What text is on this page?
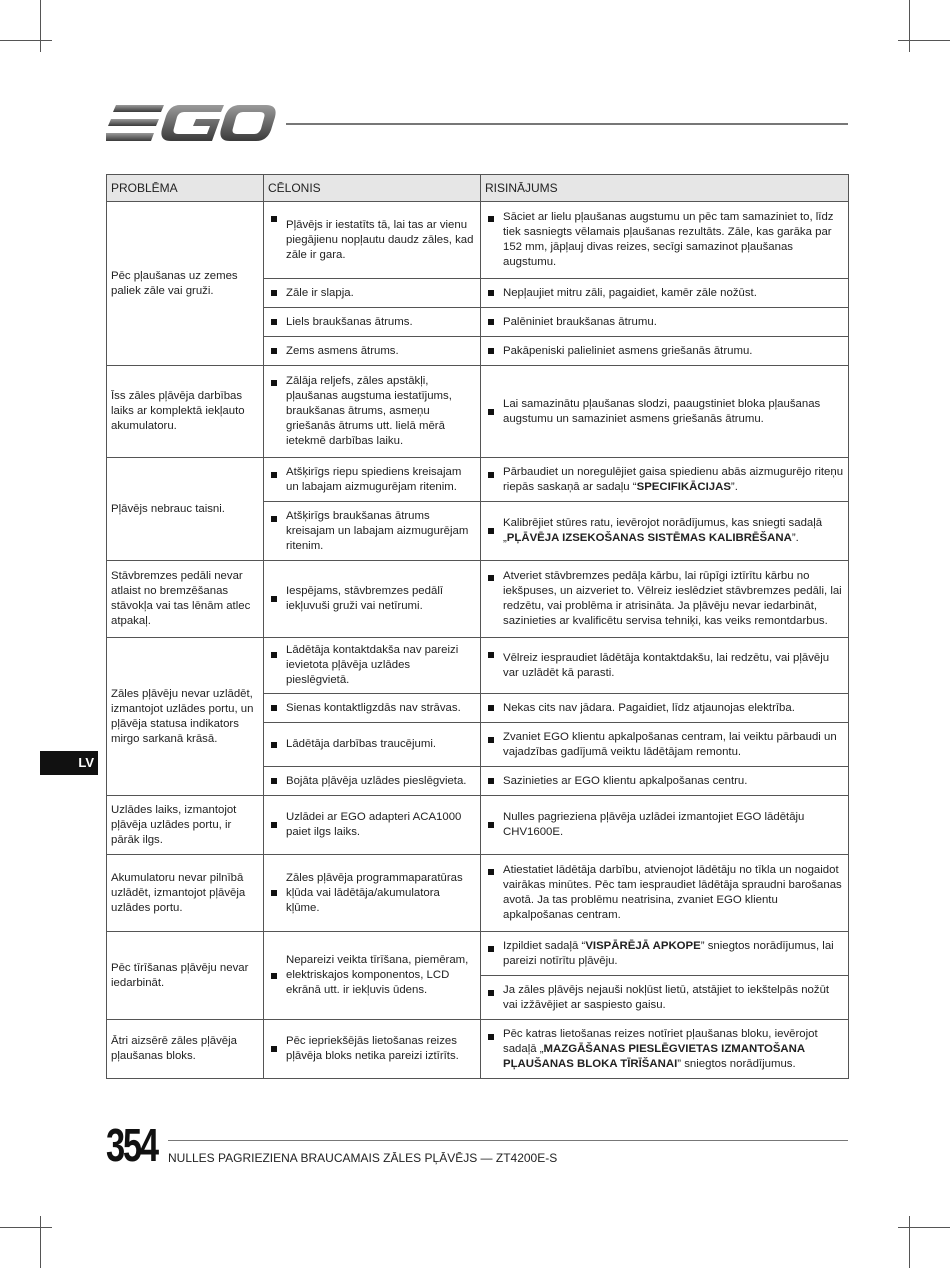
PROBLĒMA	CĒLONIS	RISINĀJUMS
Pēc pļaušanas uz zemes paliek zāle vai gruži.	Pļāvējs ir iestatīts tā, lai tas ar vienu piegājienu nopļautu daudz zāles, kad zāle ir gara.	Sāciet ar lielu pļaušanas augstumu un pēc tam samaziniet to, līdz tiek sasniegts vēlamais pļaušanas rezultāts. Zāle, kas garāka par 152 mm, jāpļauj divas reizes, secīgi samazinot pļaušanas augstumu.
	Zāle ir slapja.	Nepļaujiet mitru zāli, pagaidiet, kamēr zāle nožūst.
	Liels braukšanas ātrums.	Palēniniet braukšanas ātrumu.
	Zems asmens ātrums.	Pakāpeniski palieliniet asmens griešanās ātrumu.
Īss zāles pļāvēja darbības laiks ar komplektā iekļauto akumulatoru.	Zālāja reljefs, zāles apstākļi, pļaušanas augstuma iestatījums, braukšanas ātrums, asmeņu griešanās ātrums utt. lielā mērā ietekmē darbības laiku.	Lai samazinātu pļaušanas slodzi, paaugstiniet bloka pļaušanas augstumu un samaziniet asmens griešanās ātrumu.
Pļāvējs nebrauc taisni.	Atšķirīgs riepu spiediens kreisajam un labajam aizmugurējam ritenim.	Pārbaudiet un noregulējiet gaisa spiedienu abās aizmugurējo riteņu riepās saskaņā ar sadaļu “SPECIFIKĀCIJAS”.
	Atšķirīgs braukšanas ātrums kreisajam un labajam aizmugurējam ritenim.	Kalibrējiet stūres ratu, ievērojot norādījumus, kas sniegti sadaļā „PĻĀVĒJA IZSEKOŠANAS SISTĒMAS KALIBRĒŠANA”.
Stāvbremzes pedāli nevar atlaist no bremzēšanas stāvokļa vai tas lēnām atlec atpakaļ.	Iespējams, stāvbremzes pedālī iekļuvuši gruži vai netīrumi.	Atveriet stāvbremzes pedāļa kārbu, lai rūpīgi iztīrītu kārbu no iekšpuses, un aizveriet to. Vēlreiz ieslēdziet stāvbremzes pedāli, lai redzētu, vai problēma ir atrisināta. Ja pļāvēju nevar iedarbināt, sazinieties ar kvalificētu servisa tehniķi, kas veiks remontdarbus.
Zāles pļāvēju nevar uzlādēt, izmantojot uzlādes portu, un pļāvēja statusa indikators mirgo sarkanā krāsā.	Lādētāja kontaktdakša nav pareizi ievietota pļāvēja uzlādes pieslēgvietā.	Vēlreiz iespraudiet lādētāja kontaktdakšu, lai redzētu, vai pļāvēju var uzlādēt kā parasti.
	Sienas kontaktligzdās nav strāvas.	Nekas cits nav jādara. Pagaidiet, līdz atjaunojas elektrība.
	Lādētāja darbības traucējumi.	Zvaniet EGO klientu apkalpošanas centram, lai veiktu pārbaudi un vajadzības gadījumā veiktu lādētājam remontu.
	Bojāta pļāvēja uzlādes pieslēgvieta.	Sazinieties ar EGO klientu apkalpošanas centru.
Uzlādes laiks, izmantojot pļāvēja uzlādes portu, ir pārāk ilgs.	Uzlādei ar EGO adapteri ACA1000 paiet ilgs laiks.	Nulles pagrieziena pļāvēja uzlādei izmantojiet EGO lādētāju CHV1600E.
Akumulatoru nevar pilnībā uzlādēt, izmantojot pļāvēja uzlādes portu.	Zāles pļāvēja programmaparatūras kļūda vai lādētāja/akumulatora kļūme.	Atiestatiet lādētāja darbību, atvienojot lādētāju no tīkla un nogaidot vairākas minūtes. Pēc tam iespraudiet lādētāja spraudni barošanas avotā. Ja tas problēmu neatrisina, zvaniet EGO klientu apkalpošanas centram.
Pēc tīrīšanas pļāvēju nevar iedarbināt.	Nepareizi veikta tīrīšana, piemēram, elektriskajos komponentos, LCD ekrānā utt. ir iekļuvis ūdens.	Izpildiet sadaļā “VISPĀRĒJĀ APKOPE” sniegtos norādījumus, lai pareizi notīrītu pļāvēju.
		Ja zāles pļāvējs nejauši nokļūst lietū, atstājiet to iekštelpās nožūt vai izžāvējiet ar saspiesto gaisu.
Ātri aizsērē zāles pļāvēja pļaušanas bloks.	Pēc iepriekšējās lietošanas reizes pļāvēja bloks netika pareizi iztīrīts.	Pēc katras lietošanas reizes notīriet pļaušanas bloku, ievērojot sadaļā „MAZGĀŠANAS PIESLĒGVIETAS IZMANTOŠANA PĻAUŠANAS BLOKA TĪRĪŠANAI” sniegtos norādījumus.
LV
354 NULLES PAGRIEZIENA BRAUCAMAIS ZĀLES PĻĀVĒJS — ZT4200E-S
